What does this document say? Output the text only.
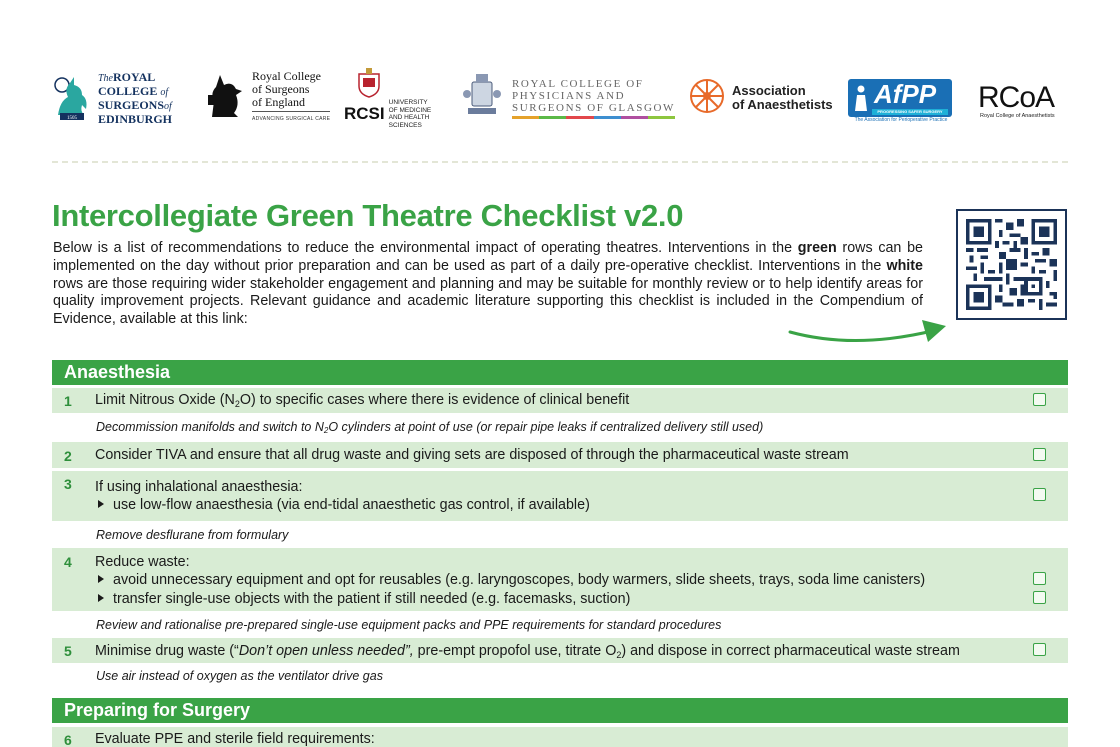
1505
TheROYAL
COLLEGE of
SURGEONSof
EDINBURGH
Royal College
of Surgeons
of England
ADVANCING SURGICAL CARE RCSI
UNIVERSITY
OF MEDICINE
AND HEALTH
SCIENCES
ROYAL COLLEGE OF
PHYSICIANS AND
SURGEONS OF GLASGOW
Association
of Anaesthetists	AfPP
PROGRESSING SAFER SURGERY
The Association for Perioperative Practice
RCoA
Royal College of Anaesthetists
Intercollegiate Green Theatre Checklist v2.0

Below is a list of recommendations to reduce the environmental impact of operating theatres. Interventions in the green rows can be implemented on the day without prior preparation and can be used as part of a daily pre-operative checklist. Interventions in the white rows are those requiring wider stakeholder engagement and planning and may be suitable for monthly review or to help identify areas for quality improvement projects. Relevant guidance and academic literature supporting this checklist is included in the Compendium of Evidence, available at this link:

Anaesthesia
1 Limit Nitrous Oxide $(N_2O)$ to specific cases where there is evidence of clinical benefit
Decommission manifolds and switch to $N_2O$ cylinders at point of use (or repair pipe leaks if centralized delivery still used)
2 Consider TIVA and ensure that all drug waste and giving sets are disposed of through the pharmaceutical waste stream
3 If using inhalational anaesthesia:
use low-flow anaesthesia (via end-tidal anaesthetic gas control, if available)
Remove desflurane from formulary
4 Reduce waste:
avoid unnecessary equipment and opt for reusables (e.g. laryngoscopes, body warmers, slide sheets, trays, soda lime canisters)
transfer single-use objects with the patient if still needed (e.g. facemasks, suction)
Review and rationalise pre-prepared single-use equipment packs and PPE requirements for standard procedures
5 Minimise drug waste (“Don’t open unless needed”, pre-empt propofol use, titrate $O_2$) and dispose in correct pharmaceutical waste stream
Use air instead of oxygen as the ventilator drive gas
Preparing for Surgery
6 Evaluate PPE and sterile field requirements:
